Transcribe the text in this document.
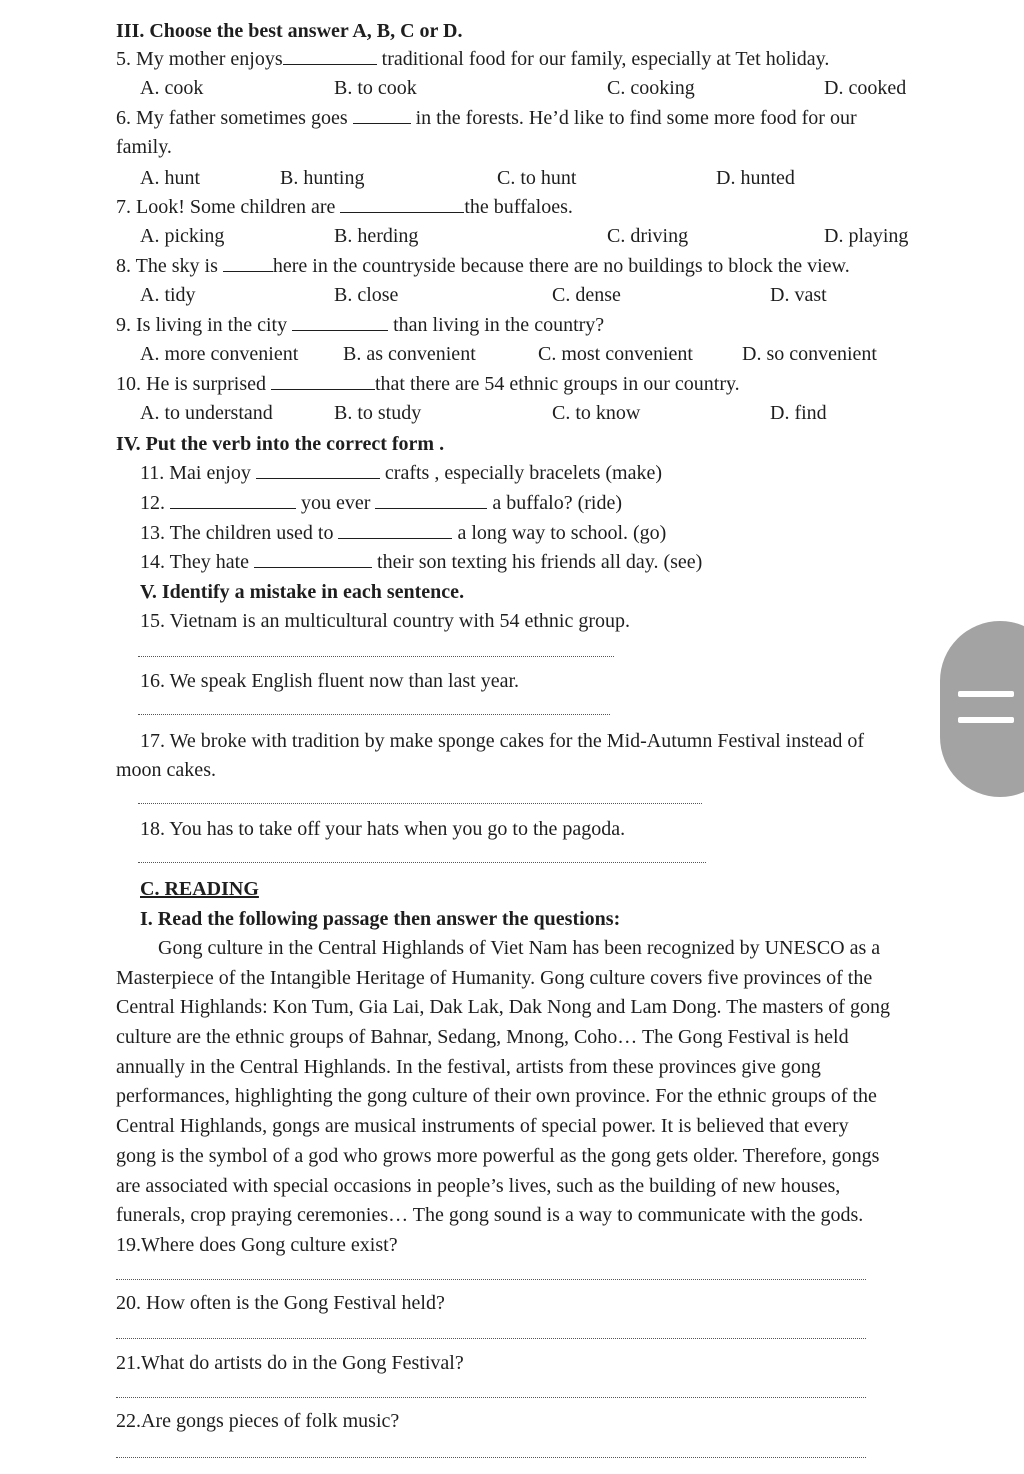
III. Choose the best answer A, B, C or D.
5. My mother enjoys	traditional food for our family, especially at Tet holiday.
A. cook	B. to cook	C. cooking	D. cooked
6. My father sometimes goes	in the forests. He’d like to find some more food for our
family.
A. hunt	B. hunting	C. to hunt	D. hunted
7. Look! Some children are	the buffaloes.
A. picking	B. herding	C. driving	D. playing
8. The sky is	here in the countryside because there are no buildings to block the view.
A. tidy	B. close	C. dense	D. vast
9. Is living in the city	than living in the country?
A. more convenient B. as convenient	C. most convenient D. so convenient
10. He is surprised	that there are 54 ethnic groups in our country.
A. to understand	B. to study	C. to know	D. find
IV. Put the verb into the correct form .
11. Mai enjoy	crafts , especially bracelets (make)
12.	you ever	a buffalo? (ride)
13. The children used to	a long way to school. (go)
14. They hate	their son texting his friends all day. (see)
V. Identify a mistake in each sentence.
15. Vietnam is an multicultural country with 54 ethnic group.
16. We speak English fluent now than last year.
17. We broke with tradition by make sponge cakes for the Mid-Autumn Festival instead of
moon cakes.
18. You has to take off your hats when you go to the pagoda.
C. READING
I. Read the following passage then answer the questions:
Gong culture in the Central Highlands of Viet Nam has been recognized by UNESCO as a
Masterpiece of the Intangible Heritage of Humanity. Gong culture covers five provinces of the
Central Highlands: Kon Tum, Gia Lai, Dak Lak, Dak Nong and Lam Dong. The masters of gong
culture are the ethnic groups of Bahnar, Sedang, Mnong, Coho… The Gong Festival is held
annually in the Central Highlands. In the festival, artists from these provinces give gong
performances, highlighting the gong culture of their own province. For the ethnic groups of the
Central Highlands, gongs are musical instruments of special power. It is believed that every
gong is the symbol of a god who grows more powerful as the gong gets older. Therefore, gongs
are associated with special occasions in people’s lives, such as the building of new houses,
funerals, crop praying ceremonies… The gong sound is a way to communicate with the gods.
19.Where does Gong culture exist?
20. How often is the Gong Festival held?
21.What do artists do in the Gong Festival?
22.Are gongs pieces of folk music?
